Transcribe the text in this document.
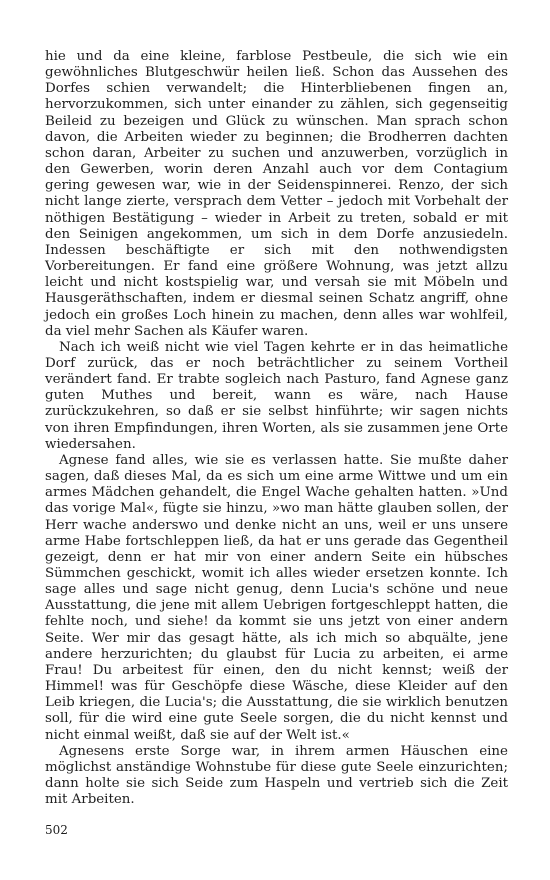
hie und da eine kleine, farblose Pestbeule, die sich wie ein gewöhnliches Blutgeschwür heilen ließ. Schon das Aussehen des Dorfes schien verwandelt; die Hinterbliebenen fingen an, hervorzukommen, sich unter einander zu zählen, sich gegenseitig Beileid zu bezeigen und Glück zu wünschen. Man sprach schon davon, die Arbeiten wieder zu beginnen; die Brodherren dachten schon daran, Arbeiter zu suchen und anzuwerben, vorzüglich in den Gewerben, worin deren Anzahl auch vor dem Contagium gering gewesen war, wie in der Seidenspinnerei. Renzo, der sich nicht lange zierte, versprach dem Vetter – jedoch mit Vorbehalt der nöthigen Bestätigung – wieder in Arbeit zu treten, sobald er mit den Seinigen angekommen, um sich in dem Dorfe anzusiedeln. Indessen beschäftigte er sich mit den nothwendigsten Vorbereitungen. Er fand eine größere Wohnung, was jetzt allzu leicht und nicht kostspielig war, und versah sie mit Möbeln und Hausgeräthschaften, indem er diesmal seinen Schatz angriff, ohne jedoch ein großes Loch hinein zu machen, denn alles war wohlfeil, da viel mehr Sachen als Käufer waren.

Nach ich weiß nicht wie viel Tagen kehrte er in das heimatliche Dorf zurück, das er noch beträchtlicher zu seinem Vortheil verändert fand. Er trabte sogleich nach Pasturo, fand Agnese ganz guten Muthes und bereit, wann es wäre, nach Hause zurückzukehren, so daß er sie selbst hinführte; wir sagen nichts von ihren Empfindungen, ihren Worten, als sie zusammen jene Orte wiedersahen.

Agnese fand alles, wie sie es verlassen hatte. Sie mußte daher sagen, daß dieses Mal, da es sich um eine arme Wittwe und um ein armes Mädchen gehandelt, die Engel Wache gehalten hatten. »Und das vorige Mal«, fügte sie hinzu, »wo man hätte glauben sollen, der Herr wache anderswo und denke nicht an uns, weil er uns unsere arme Habe fortschleppen ließ, da hat er uns gerade das Gegentheil gezeigt, denn er hat mir von einer andern Seite ein hübsches Sümmchen geschickt, womit ich alles wieder ersetzen konnte. Ich sage alles und sage nicht genug, denn Lucia's schöne und neue Ausstattung, die jene mit allem Uebrigen fortgeschleppt hatten, die fehlte noch, und siehe! da kommt sie uns jetzt von einer andern Seite. Wer mir das gesagt hätte, als ich mich so abquälte, jene andere herzurichten; du glaubst für Lucia zu arbeiten, ei arme Frau! Du arbeitest für einen, den du nicht kennst; weiß der Himmel! was für Geschöpfe diese Wäsche, diese Kleider auf den Leib kriegen, die Lucia's; die Ausstattung, die sie wirklich benutzen soll, für die wird eine gute Seele sorgen, die du nicht kennst und nicht einmal weißt, daß sie auf der Welt ist.«

Agnesens erste Sorge war, in ihrem armen Häuschen eine möglichst anständige Wohnstube für diese gute Seele einzurichten; dann holte sie sich Seide zum Haspeln und vertrieb sich die Zeit mit Arbeiten.

502
